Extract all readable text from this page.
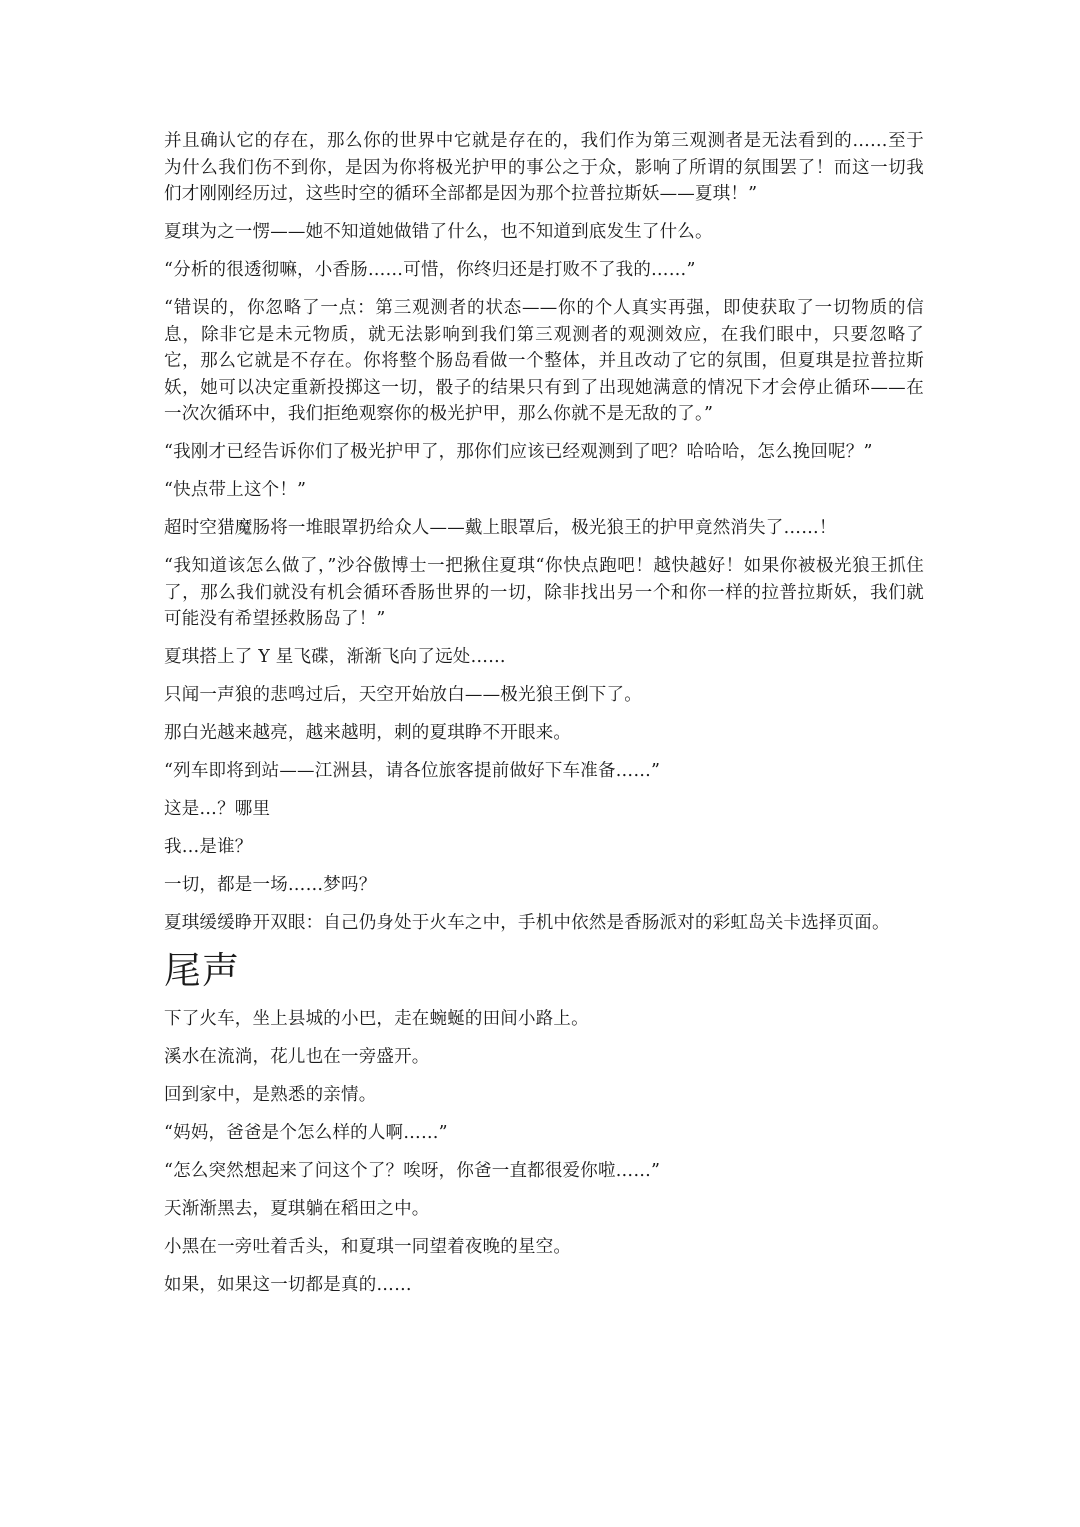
并且确认它的存在，那么你的世界中它就是存在的，我们作为第三观测者是无法看到的……至于为什么我们伤不到你，是因为你将极光护甲的事公之于众，影响了所谓的氛围罢了！而这一切我们才刚刚经历过，这些时空的循环全部都是因为那个拉普拉斯妖——夏琪！”

夏琪为之一愣——她不知道她做错了什么，也不知道到底发生了什么。

“分析的很透彻嘛，小香肠……可惜，你终归还是打败不了我的……”

“错误的，你忽略了一点：第三观测者的状态——你的个人真实再强，即使获取了一切物质的信息，除非它是未元物质，就无法影响到我们第三观测者的观测效应，在我们眼中，只要忽略了它，那么它就是不存在。你将整个肠岛看做一个整体，并且改动了它的氛围，但夏琪是拉普拉斯妖，她可以决定重新投掷这一切，骰子的结果只有到了出现她满意的情况下才会停止循环——在一次次循环中，我们拒绝观察你的极光护甲，那么你就不是无敌的了。”

“我刚才已经告诉你们了极光护甲了，那你们应该已经观测到了吧？哈哈哈，怎么挽回呢？”

“快点带上这个！”

超时空猎魔肠将一堆眼罩扔给众人——戴上眼罩后，极光狼王的护甲竟然消失了……！

“我知道该怎么做了，”沙谷傲博士一把揪住夏琪“你快点跑吧！越快越好！如果你被极光狼王抓住了，那么我们就没有机会循环香肠世界的一切，除非找出另一个和你一样的拉普拉斯妖，我们就可能没有希望拯救肠岛了！”

夏琪搭上了 Y 星飞碟，渐渐飞向了远处……

只闻一声狼的悲鸣过后，天空开始放白——极光狼王倒下了。

那白光越来越亮，越来越明，刺的夏琪睁不开眼来。

“列车即将到站——江洲县，请各位旅客提前做好下车准备……”

这是…？哪里

我…是谁？

一切，都是一场……梦吗？

夏琪缓缓睁开双眼：自己仍身处于火车之中，手机中依然是香肠派对的彩虹岛关卡选择页面。

尾声

下了火车，坐上县城的小巴，走在蜿蜒的田间小路上。

溪水在流淌，花儿也在一旁盛开。

回到家中，是熟悉的亲情。

“妈妈，爸爸是个怎么样的人啊……”

“怎么突然想起来了问这个了？唉呀，你爸一直都很爱你啦……”

天渐渐黑去，夏琪躺在稻田之中。

小黑在一旁吐着舌头，和夏琪一同望着夜晚的星空。

如果，如果这一切都是真的……
